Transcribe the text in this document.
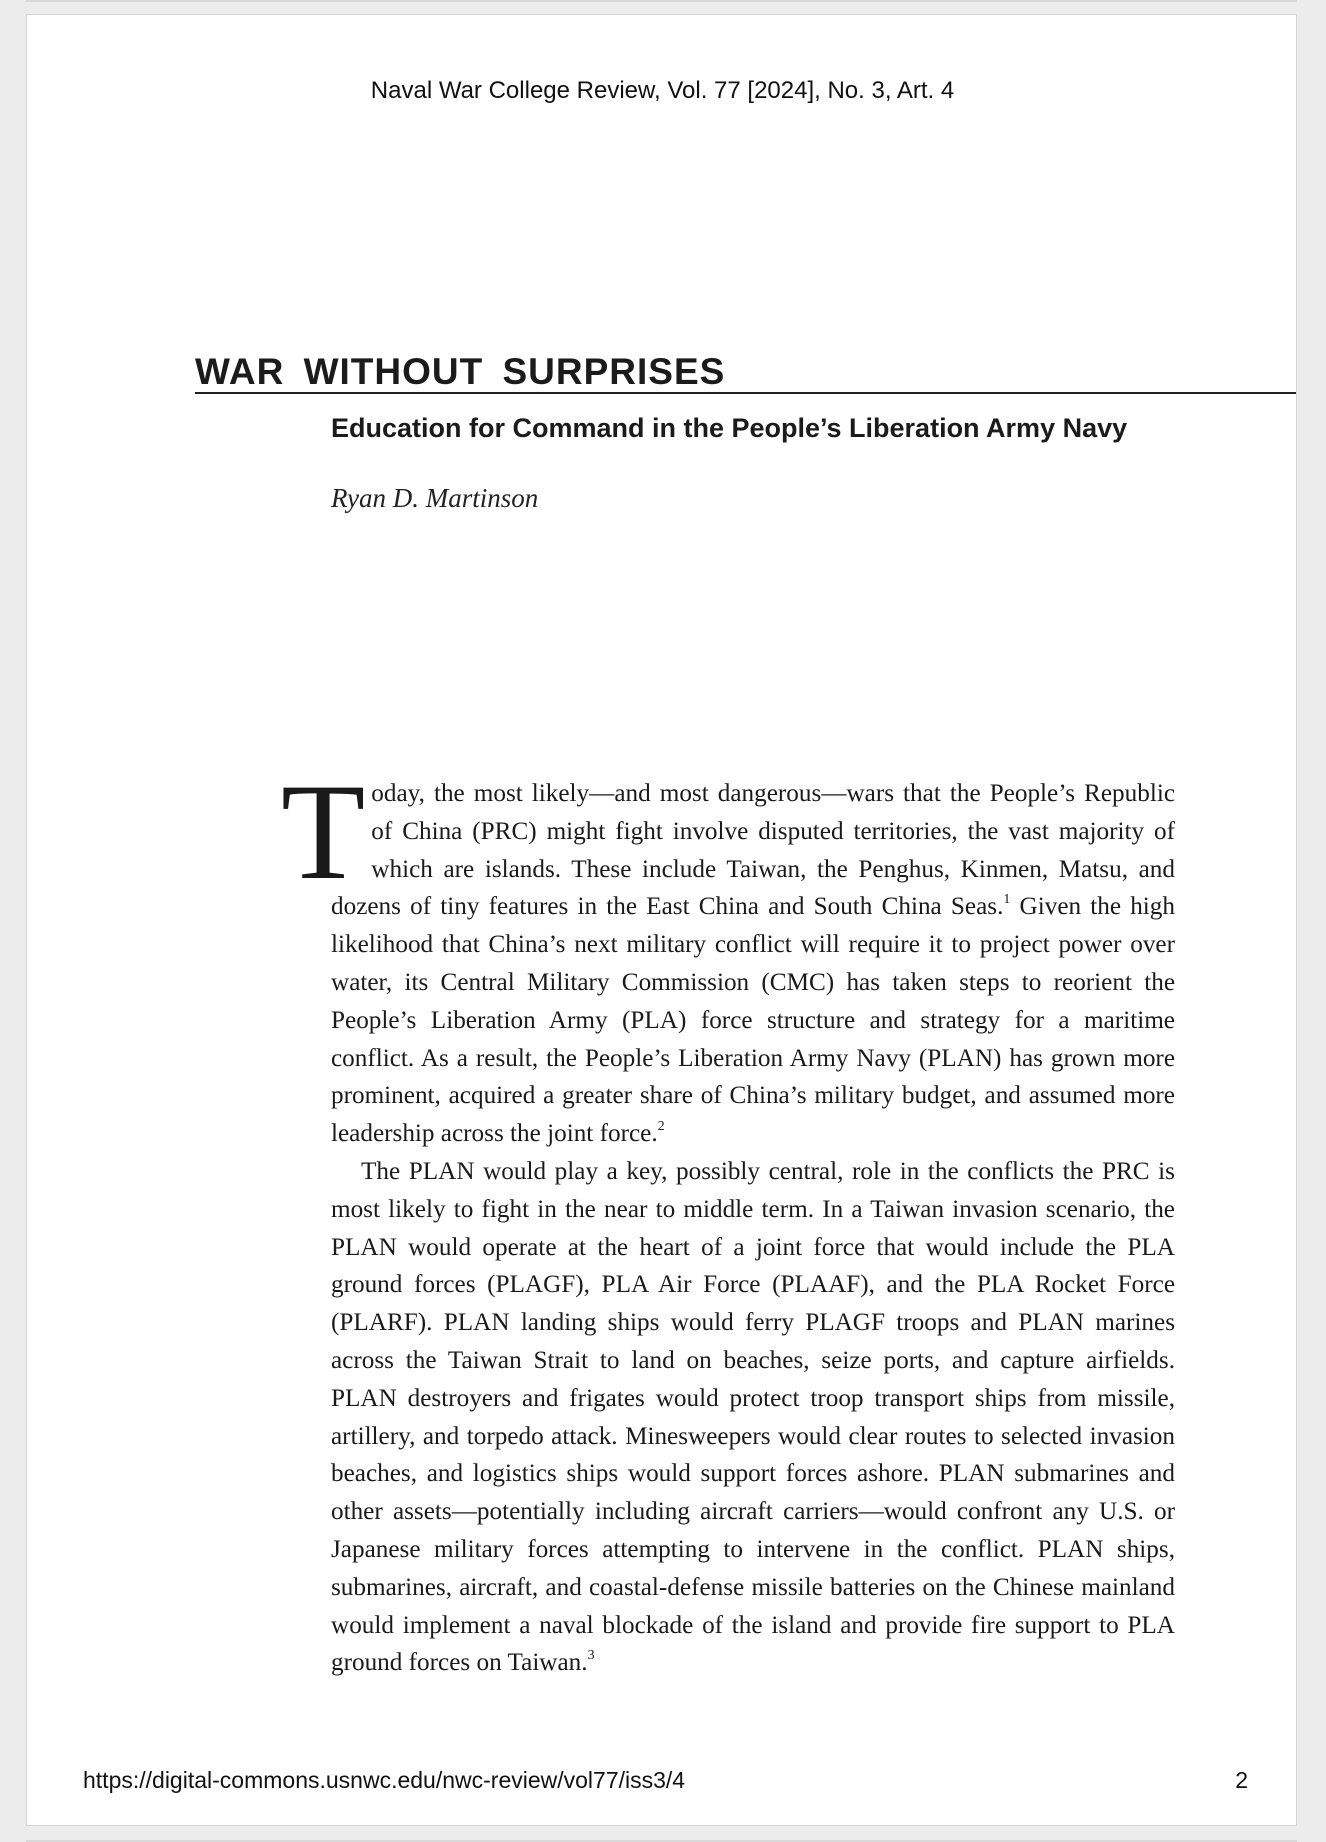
Naval War College Review, Vol. 77 [2024], No. 3, Art. 4
WAR WITHOUT SURPRISES
Education for Command in the People’s Liberation Army Navy
Ryan D. Martinson

Today, the most likely—and most dangerous—wars that the People’s Republic of China (PRC) might fight involve disputed territories, the vast majority of which are islands. These include Taiwan, the Penghus, Kinmen, Matsu, and dozens of tiny features in the East China and South China Seas.$^1$ Given the high likelihood that China’s next military conflict will require it to project power over water, its Central Military Commission (CMC) has taken steps to reorient the People’s Liberation Army (PLA) force structure and strategy for a maritime conflict. As a result, the People’s Liberation Army Navy (PLAN) has grown more prominent, acquired a greater share of China’s military budget, and assumed more leadership across the joint force.$^2$

The PLAN would play a key, possibly central, role in the conflicts the PRC is most likely to fight in the near to middle term. In a Taiwan invasion scenario, the PLAN would operate at the heart of a joint force that would include the PLA ground forces (PLAGF), PLA Air Force (PLAAF), and the PLA Rocket Force (PLARF). PLAN landing ships would ferry PLAGF troops and PLAN marines across the Taiwan Strait to land on beaches, seize ports, and capture airfields. PLAN destroyers and frigates would protect troop transport ships from missile, artillery, and torpedo attack. Minesweepers would clear routes to selected invasion beaches, and logistics ships would support forces ashore. PLAN submarines and other assets—potentially including aircraft carriers—would confront any U.S. or Japanese military forces attempting to intervene in the conflict. PLAN ships, submarines, aircraft, and coastal-defense missile batteries on the Chinese mainland would implement a naval blockade of the island and provide fire support to PLA ground forces on Taiwan.$^3$

https://digital-commons.usnwc.edu/nwc-review/vol77/iss3/4	2
